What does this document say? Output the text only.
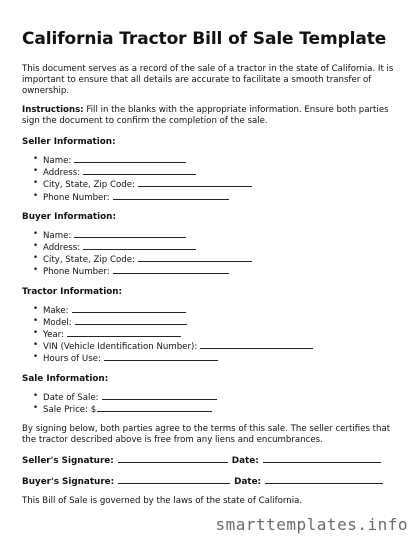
California Tractor Bill of Sale Template

This document serves as a record of the sale of a tractor in the state of California. It is important to ensure that all details are accurate to facilitate a smooth transfer of ownership.

Instructions: Fill in the blanks with the appropriate information. Ensure both parties sign the document to confirm the completion of the sale.

Seller Information:
• Name:
• Address:
• City, State, Zip Code:
• Phone Number:
Buyer Information:
• Name:
• Address:
• City, State, Zip Code:
• Phone Number:
Tractor Information:
• Make:
• Model:
• Year:
• VIN (Vehicle Identification Number):
• Hours of Use:
Sale Information:
• Date of Sale:
• Sale Price: $

By signing below, both parties agree to the terms of this sale. The seller certifies that the tractor described above is free from any liens and encumbrances.

Seller's Signature:	Date:
Buyer's Signature:	Date:

This Bill of Sale is governed by the laws of the state of California.

smarttemplates.info
